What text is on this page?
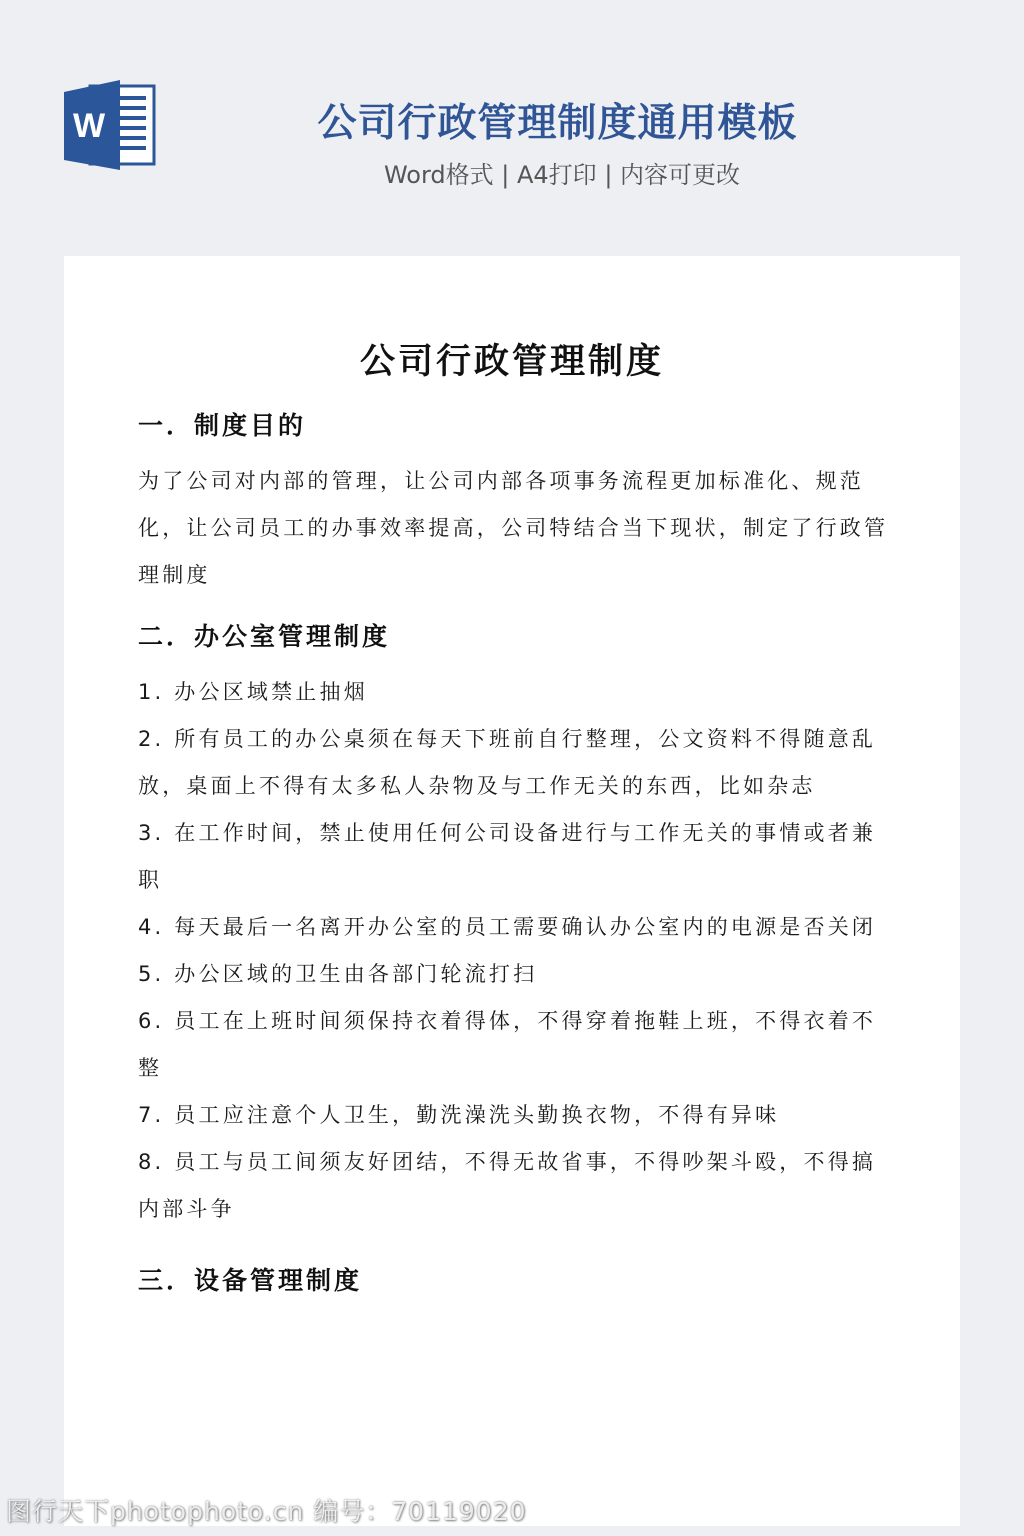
W	公司行政管理制度通用模板
Word格式 | A4打印 | 内容可更改
公司行政管理制度
一．制度目的
为了公司对内部的管理，让公司内部各项事务流程更加标准化、规范化，让公司员工的办事效率提高，公司特结合当下现状，制定了行政管理制度
二．办公室管理制度
1. 办公区域禁止抽烟
2. 所有员工的办公桌须在每天下班前自行整理，公文资料不得随意乱放，桌面上不得有太多私人杂物及与工作无关的东西，比如杂志
3. 在工作时间，禁止使用任何公司设备进行与工作无关的事情或者兼职
4. 每天最后一名离开办公室的员工需要确认办公室内的电源是否关闭
5. 办公区域的卫生由各部门轮流打扫
6. 员工在上班时间须保持衣着得体，不得穿着拖鞋上班，不得衣着不整
7. 员工应注意个人卫生，勤洗澡洗头勤换衣物，不得有异味
8. 员工与员工间须友好团结，不得无故省事，不得吵架斗殴，不得搞内部斗争
三．设备管理制度
图行天下photophoto.cn 编号：70119020
